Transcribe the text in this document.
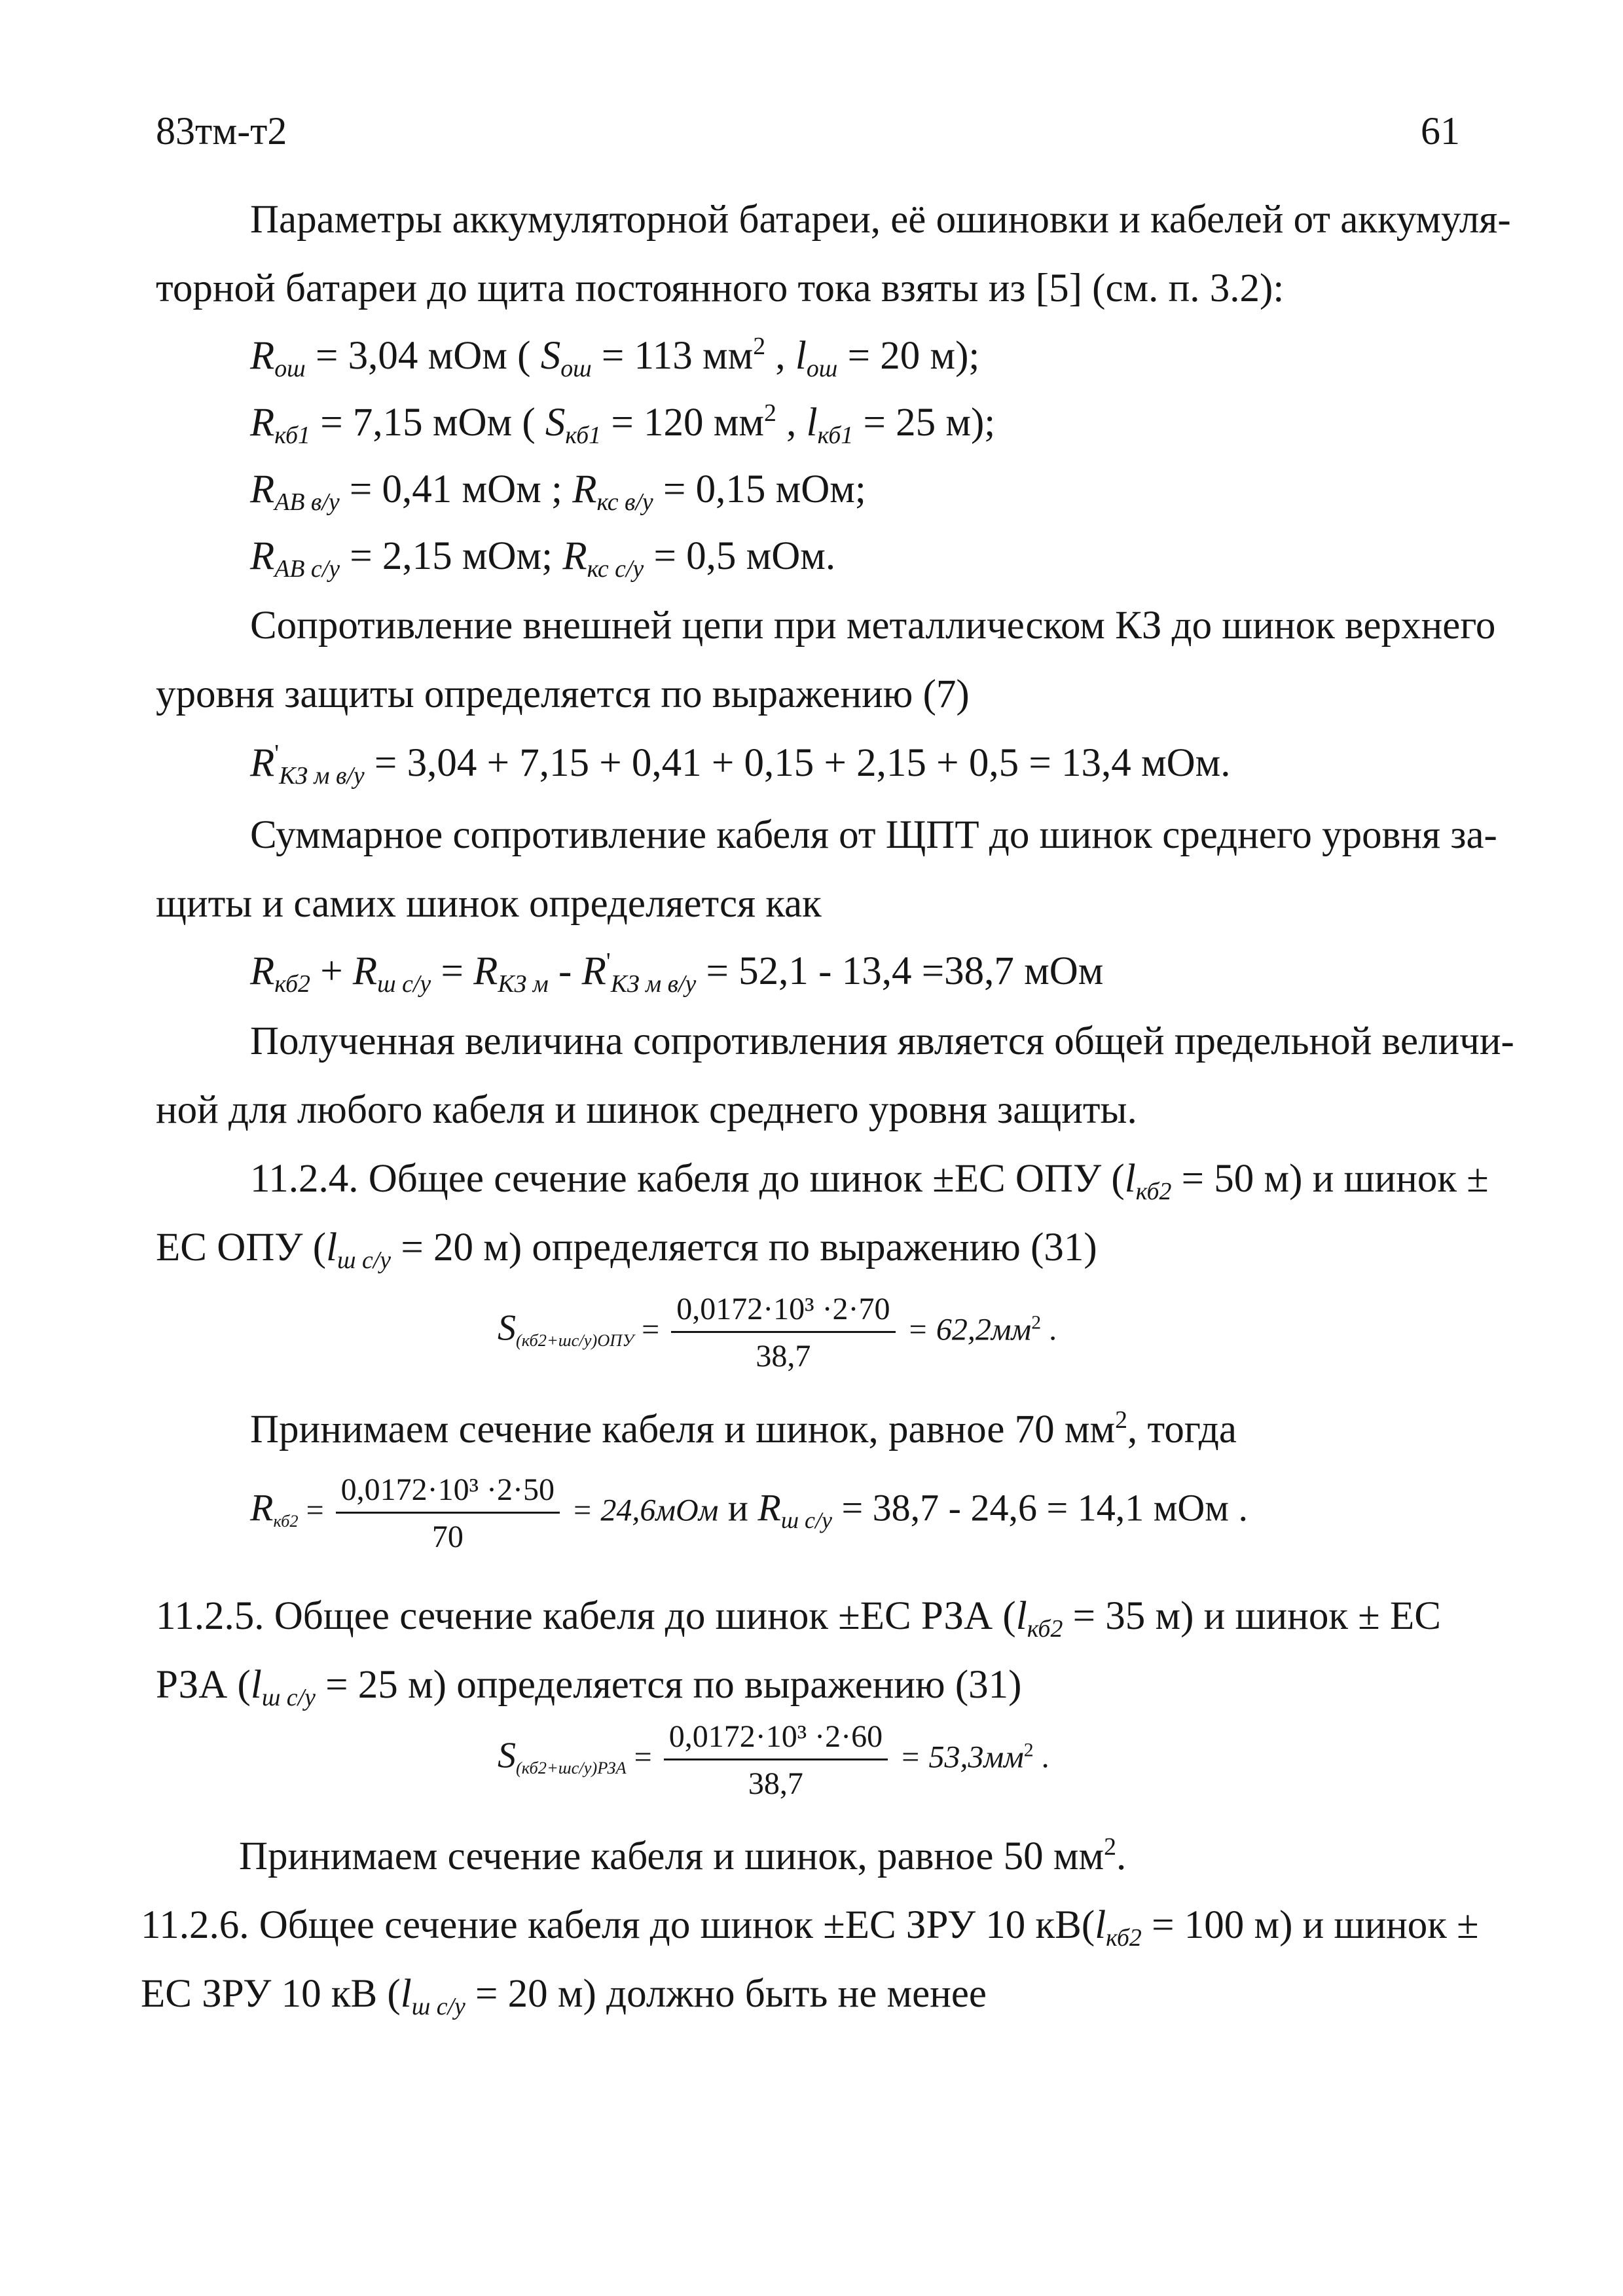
83тм-т2	61
Параметры аккумуляторной батареи, её ошиновки и кабелей от аккумуля-
торной батареи до щита постоянного тока взяты из [5] (см. п. 3.2):
$R_{ош} = 3,04$ мОм ( $S_{ош} = 113$ $мм^2$ , $l_{ош} = 20$ м);
$R_{кб1} = 7,15$ мОм ( $S_{кб1} = 120$ $мм^2$ , $l_{кб1} = 25$ м);
$R_{AB в/у} = 0,41$ мОм ; $R_{кс в/у} = 0,15$ мОм;
$R_{AB с/у} = 2,15$ мОм; $R_{кс с/у} = 0,5$ мОм.
Сопротивление внешней цепи при металлическом КЗ до шинок верхнего
уровня защиты определяется по выражению (7)
$R'_{КЗ м в/у} = 3,04 + 7,15 + 0,41 + 0,15 + 2,15 + 0,5 = 13,4$ мОм.
Суммарное сопротивление кабеля от ЩПТ до шинок среднего уровня за-
щиты и самих шинок определяется как
$R_{кб2} + R_{ш с/у} = R_{КЗ м} - R'_{КЗ м в/у} = 52,1 - 13,4 =38,7$ мОм
Полученная величина сопротивления является общей предельной величи-
ной для любого кабеля и шинок среднего уровня защиты.
11.2.4. Общее сечение кабеля до шинок ±ЕС ОПУ ($l_{кб2} = 50$ м) и шинок ±
ЕС ОПУ ($l_{ш с/у} = 20$ м) определяется по выражению (31)
$S(кб2+шс/у)ОПУ = \frac{\text{0,0172·10³ ·2·70}}{38,7} = 62,2мм^2$ .
Принимаем сечение кабеля и шинок, равное 70 $мм^2$, тогда
$Rкб2 = \frac{\text{0,0172·10³ ·2·50}}{70} = 24,6мОм$ и $R_{ш с/у} = 38,7 - 24,6 = 14,1$ мОм .
11.2.5. Общее сечение кабеля до шинок ±ЕС РЗА ($l_{кб2} = 35$ м) и шинок ± ЕС
РЗА ($l_{ш с/у} = 25$ м) определяется по выражению (31)
$S(кб2+шс/у)РЗА = \frac{\text{0,0172·10³ ·2·60}}{38,7} = 53,3мм^2$ .
Принимаем сечение кабеля и шинок, равное 50 $мм^2$.
11.2.6. Общее сечение кабеля до шинок ±ЕС ЗРУ 10 $кВ(l_{кб2} = 100$ м) и шинок ±
ЕС ЗРУ 10 кВ ($l_{ш с/у} = 20$ м) должно быть не менее
